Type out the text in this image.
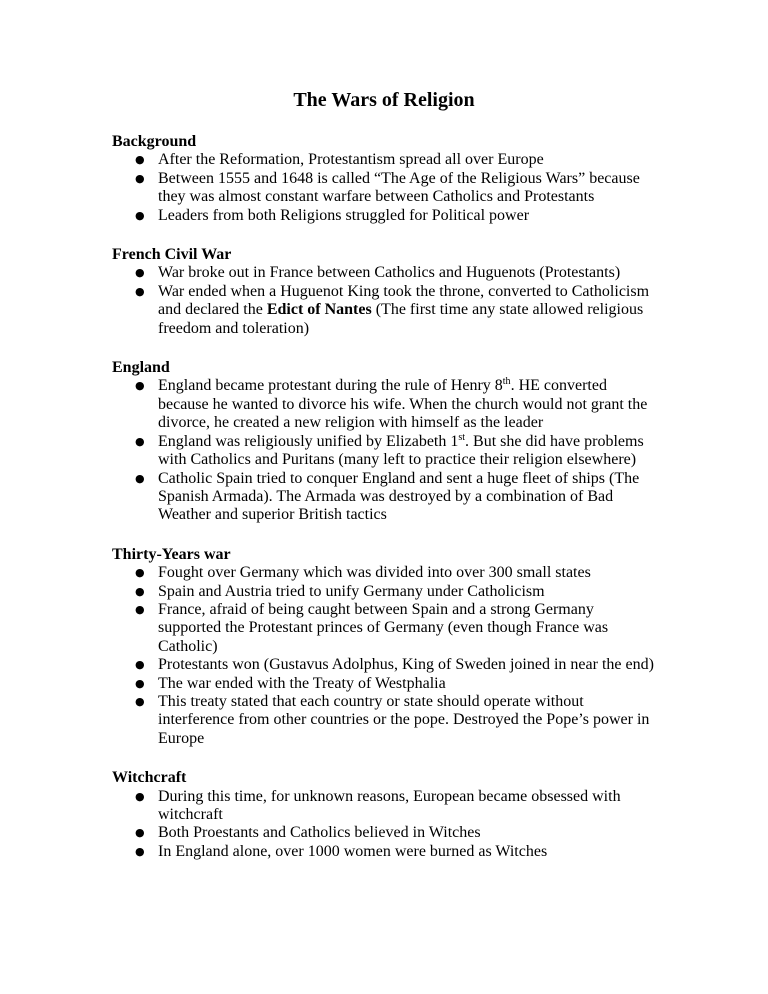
The Wars of Religion
Background
● After the Reformation, Protestantism spread all over Europe
● Between 1555 and 1648 is called “The Age of the Religious Wars” because they was almost constant warfare between Catholics and Protestants
● Leaders from both Religions struggled for Political power
French Civil War
● War broke out in France between Catholics and Huguenots (Protestants)
● War ended when a Huguenot King took the throne, converted to Catholicism and declared the Edict of Nantes (The first time any state allowed religious freedom and toleration)
England
● England became protestant during the rule of Henry 8th. HE converted because he wanted to divorce his wife. When the church would not grant the divorce, he created a new religion with himself as the leader
● England was religiously unified by Elizabeth 1st. But she did have problems with Catholics and Puritans (many left to practice their religion elsewhere)
● Catholic Spain tried to conquer England and sent a huge fleet of ships (The Spanish Armada). The Armada was destroyed by a combination of Bad Weather and superior British tactics
Thirty-Years war
● Fought over Germany which was divided into over 300 small states
● Spain and Austria tried to unify Germany under Catholicism
● France, afraid of being caught between Spain and a strong Germany supported the Protestant princes of Germany (even though France was Catholic)
● Protestants won (Gustavus Adolphus, King of Sweden joined in near the end)
● The war ended with the Treaty of Westphalia
● This treaty stated that each country or state should operate without interference from other countries or the pope. Destroyed the Pope’s power in Europe
Witchcraft
● During this time, for unknown reasons, European became obsessed with witchcraft
● Both Proestants and Catholics believed in Witches
● In England alone, over 1000 women were burned as Witches
